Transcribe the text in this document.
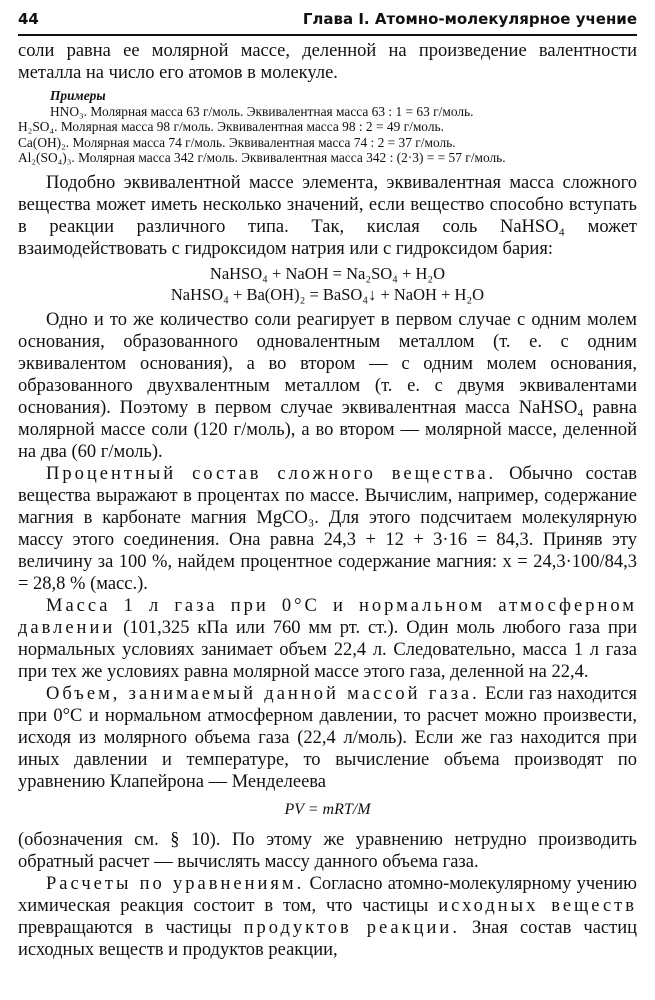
44	Глава I. Атомно-молекулярное учение

соли равна ее молярной массе, деленной на произведение валентности металла на число его атомов в молекуле.

Примеры
HNO₃. Молярная масса 63 г/моль. Эквивалентная масса 63 : 1 = 63 г/моль.
H₂SO₄. Молярная масса 98 г/моль. Эквивалентная масса 98 : 2 = 49 г/моль.
Ca(OH)₂. Молярная масса 74 г/моль. Эквивалентная масса 74 : 2 = 37 г/моль.
Al₂(SO₄)₃. Молярная масса 342 г/моль. Эквивалентная масса 342 : (2·3) = = 57 г/моль.

Подобно эквивалентной массе элемента, эквивалентная масса сложного вещества может иметь несколько значений, если вещество способно вступать в реакции различного типа. Так, кислая соль NaHSO₄ может взаимодействовать с гидроксидом натрия или с гидроксидом бария:

NaHSO₄ + NaOH = Na₂SO₄ + H₂O
NaHSO₄ + Ba(OH)₂ = BaSO₄↓ + NaOH + H₂O

Одно и то же количество соли реагирует в первом случае с одним молем основания, образованного одновалентным металлом (т. е. с одним эквивалентом основания), а во втором — с одним молем основания, образованного двухвалентным металлом (т. е. с двумя эквивалентами основания). Поэтому в первом случае эквивалентная масса NaHSO₄ равна молярной массе соли (120 г/моль), а во втором — молярной массе, деленной на два (60 г/моль).

Процентный состав сложного вещества. Обычно состав вещества выражают в процентах по массе. Вычислим, например, содержание магния в карбонате магния MgCO₃. Для этого подсчитаем молекулярную массу этого соединения. Она равна 24,3 + 12 + 3·16 = 84,3. Приняв эту величину за 100 %, найдем процентное содержание магния: x = 24,3·100/84,3 = 28,8 % (масс.).

Масса 1 л газа при 0°С и нормальном атмосферном давлении (101,325 кПа или 760 мм рт. ст.). Один моль любого газа при нормальных условиях занимает объем 22,4 л. Следовательно, масса 1 л газа при тех же условиях равна молярной массе этого газа, деленной на 22,4.

Объем, занимаемый данной массой газа. Если газ находится при 0°С и нормальном атмосферном давлении, то расчет можно произвести, исходя из молярного объема газа (22,4 л/моль). Если же газ находится при иных давлении и температуре, то вычисление объема производят по уравнению Клапейрона — Менделеева

PV = mRT/M

(обозначения см. § 10). По этому же уравнению нетрудно производить обратный расчет — вычислять массу данного объема газа.

Расчеты по уравнениям. Согласно атомно-молекулярному учению химическая реакция состоит в том, что частицы исходных веществ превращаются в частицы продуктов реакции. Зная состав частиц исходных веществ и продуктов реакции,
